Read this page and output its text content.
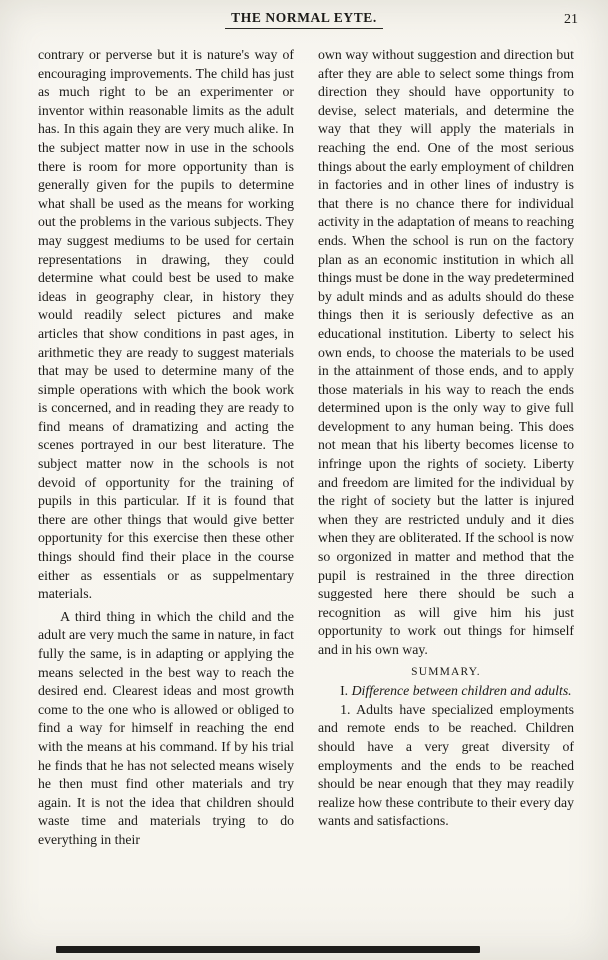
THE NORMAL EYTE.	21

contrary or perverse but it is nature's way of encouraging improvements. The child has just as much right to be an experimenter or inventor within reasonable limits as the adult has. In this again they are very much alike. In the subject matter now in use in the schools there is room for more opportunity than is generally given for the pupils to determine what shall be used as the means for working out the problems in the various subjects. They may suggest mediums to be used for certain representations in drawing, they could determine what could best be used to make ideas in geography clear, in history they would readily select pictures and make articles that show conditions in past ages, in arithmetic they are ready to suggest materials that may be used to determine many of the simple operations with which the book work is concerned, and in reading they are ready to find means of dramatizing and acting the scenes portrayed in our best literature. The subject matter now in the schools is not devoid of opportunity for the training of pupils in this particular. If it is found that there are other things that would give better opportunity for this exercise then these other things should find their place in the course either as essentials or as suppelmentary materials.

A third thing in which the child and the adult are very much the same in nature, in fact fully the same, is in adapting or applying the means selected in the best way to reach the desired end. Clearest ideas and most growth come to the one who is allowed or obliged to find a way for himself in reaching the end with the means at his command. If by his trial he finds that he has not selected means wisely he then must find other materials and try again. It is not the idea that children should waste time and materials trying to do everything in their

own way without suggestion and direction but after they are able to select some things from direction they should have opportunity to devise, select materials, and determine the way that they will apply the materials in reaching the end. One of the most serious things about the early employment of children in factories and in other lines of industry is that there is no chance there for individual activity in the adaptation of means to reaching ends. When the school is run on the factory plan as an economic institution in which all things must be done in the way predetermined by adult minds and as adults should do these things then it is seriously defective as an educational institution. Liberty to select his own ends, to choose the materials to be used in the attainment of those ends, and to apply those materials in his way to reach the ends determined upon is the only way to give full development to any human being. This does not mean that his liberty becomes license to infringe upon the rights of society. Liberty and freedom are limited for the individual by the right of society but the latter is injured when they are restricted unduly and it dies when they are obliterated. If the school is now so orgonized in matter and method that the pupil is restrained in the three direction suggested here there should be such a recognition as will give him his just opportunity to work out things for himself and in his own way.

SUMMARY.

I. Difference between children and adults.

1. Adults have specialized employments and remote ends to be reached. Children should have a very great diversity of employments and the ends to be reached should be near enough that they may readily realize how these contribute to their every day wants and satisfactions.
